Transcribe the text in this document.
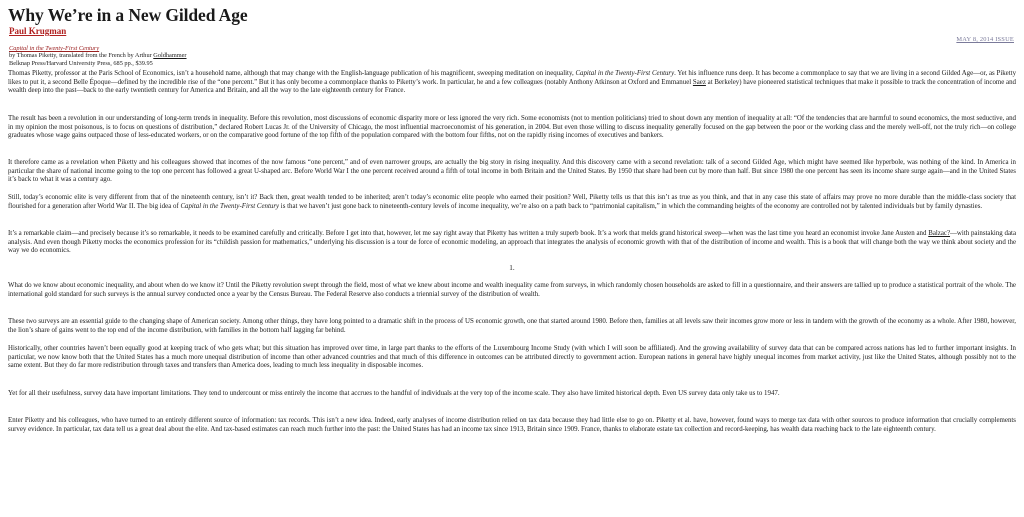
Why We’re in a New Gilded Age
Paul Krugman
MAY 8, 2014 ISSUE
Capital in the Twenty-First Century
by Thomas Piketty, translated from the French by Arthur Goldhammer
Belknap Press/Harvard University Press, 685 pp., $39.95

Thomas Piketty, professor at the Paris School of Economics, isn’t a household name, although that may change with the English-language publication of his magnificent, sweeping meditation on inequality, Capital in the Twenty-First Century. Yet his influence runs deep. It has become a commonplace to say that we are living in a second Gilded Age—or, as Piketty likes to put it, a second Belle Époque—defined by the incredible rise of the “one percent.” But it has only become a commonplace thanks to Piketty’s work. In particular, he and a few colleagues (notably Anthony Atkinson at Oxford and Emmanuel Saez at Berkeley) have pioneered statistical techniques that make it possible to track the concentration of income and wealth deep into the past—back to the early twentieth century for America and Britain, and all the way to the late eighteenth century for France.

The result has been a revolution in our understanding of long-term trends in inequality. Before this revolution, most discussions of economic disparity more or less ignored the very rich. Some economists (not to mention politicians) tried to shout down any mention of inequality at all: “Of the tendencies that are harmful to sound economics, the most seductive, and in my opinion the most poisonous, is to focus on questions of distribution,” declared Robert Lucas Jr. of the University of Chicago, the most influential macroeconomist of his generation, in 2004. But even those willing to discuss inequality generally focused on the gap between the poor or the working class and the merely well-off, not the truly rich—on college graduates whose wage gains outpaced those of less-educated workers, or on the comparative good fortune of the top fifth of the population compared with the bottom four fifths, not on the rapidly rising incomes of executives and bankers.

It therefore came as a revelation when Piketty and his colleagues showed that incomes of the now famous “one percent,” and of even narrower groups, are actually the big story in rising inequality. And this discovery came with a second revelation: talk of a second Gilded Age, which might have seemed like hyperbole, was nothing of the kind. In America in particular the share of national income going to the top one percent has followed a great U-shaped arc. Before World War I the one percent received around a fifth of total income in both Britain and the United States. By 1950 that share had been cut by more than half. But since 1980 the one percent has seen its income share surge again—and in the United States it’s back to what it was a century ago.

Still, today’s economic elite is very different from that of the nineteenth century, isn’t it? Back then, great wealth tended to be inherited; aren’t today’s economic elite people who earned their position? Well, Piketty tells us that this isn’t as true as you think, and that in any case this state of affairs may prove no more durable than the middle-class society that flourished for a generation after World War II. The big idea of Capital in the Twenty-First Century is that we haven’t just gone back to nineteenth-century levels of income inequality, we’re also on a path back to “patrimonial capitalism,” in which the commanding heights of the economy are controlled not by talented individuals but by family dynasties.

It’s a remarkable claim—and precisely because it’s so remarkable, it needs to be examined carefully and critically. Before I get into that, however, let me say right away that Piketty has written a truly superb book. It’s a work that melds grand historical sweep—when was the last time you heard an economist invoke Jane Austen and Balzac?—with painstaking data analysis. And even though Piketty mocks the economics profession for its “childish passion for mathematics,” underlying his discussion is a tour de force of economic modeling, an approach that integrates the analysis of economic growth with that of the distribution of income and wealth. This is a book that will change both the way we think about society and the way we do economics.

1.

What do we know about economic inequality, and about when do we know it? Until the Piketty revolution swept through the field, most of what we knew about income and wealth inequality came from surveys, in which randomly chosen households are asked to fill in a questionnaire, and their answers are tallied up to produce a statistical portrait of the whole. The international gold standard for such surveys is the annual survey conducted once a year by the Census Bureau. The Federal Reserve also conducts a triennial survey of the distribution of wealth.

These two surveys are an essential guide to the changing shape of American society. Among other things, they have long pointed to a dramatic shift in the process of US economic growth, one that started around 1980. Before then, families at all levels saw their incomes grow more or less in tandem with the growth of the economy as a whole. After 1980, however, the lion’s share of gains went to the top end of the income distribution, with families in the bottom half lagging far behind.

Historically, other countries haven’t been equally good at keeping track of who gets what; but this situation has improved over time, in large part thanks to the efforts of the Luxembourg Income Study (with which I will soon be affiliated). And the growing availability of survey data that can be compared across nations has led to further important insights. In particular, we now know both that the United States has a much more unequal distribution of income than other advanced countries and that much of this difference in outcomes can be attributed directly to government action. European nations in general have highly unequal incomes from market activity, just like the United States, although possibly not to the same extent. But they do far more redistribution through taxes and transfers than America does, leading to much less inequality in disposable incomes.

Yet for all their usefulness, survey data have important limitations. They tend to undercount or miss entirely the income that accrues to the handful of individuals at the very top of the income scale. They also have limited historical depth. Even US survey data only take us to 1947.

Enter Piketty and his colleagues, who have turned to an entirely different source of information: tax records. This isn’t a new idea. Indeed, early analyses of income distribution relied on tax data because they had little else to go on. Piketty et al. have, however, found ways to merge tax data with other sources to produce information that crucially complements survey evidence. In particular, tax data tell us a great deal about the elite. And tax-based estimates can reach much further into the past: the United States has had an income tax since 1913, Britain since 1909. France, thanks to elaborate estate tax collection and record-keeping, has wealth data reaching back to the late eighteenth century.
